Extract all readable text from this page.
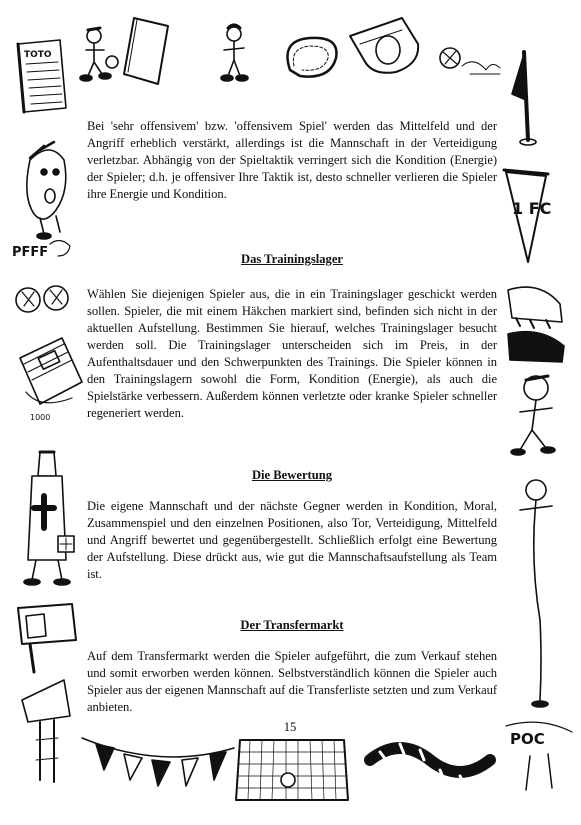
TOTO
PFFF
1000
1 FC
POC

Bei 'sehr offensivem' bzw. 'offensivem Spiel' werden das Mittelfeld und der Angriff erheblich verstärkt, allerdings ist die Mannschaft in der Verteidigung verletzbar. Abhängig von der Spieltaktik verringert sich die Kondition (Energie) der Spieler; d.h. je offensiver Ihre Taktik ist, desto schneller verlieren die Spieler ihre Energie und Kondition.

Das Trainingslager

Wählen Sie diejenigen Spieler aus, die in ein Trainingslager geschickt werden sollen. Spieler, die mit einem Häkchen markiert sind, befinden sich nicht in der aktuellen Aufstellung. Bestimmen Sie hierauf, welches Trainingslager besucht werden soll. Die Trainingslager unterscheiden sich im Preis, in der Aufenthaltsdauer und den Schwerpunkten des Trainings. Die Spieler können in den Trainingslagern sowohl die Form, Kondition (Energie), als auch die Spielstärke verbessern. Außerdem können verletzte oder kranke Spieler schneller regeneriert werden.

Die Bewertung

Die eigene Mannschaft und der nächste Gegner werden in Kondition, Moral, Zusammenspiel und den einzelnen Positionen, also Tor, Verteidigung, Mittelfeld und Angriff bewertet und gegenübergestellt. Schließlich erfolgt eine Bewertung der Aufstellung. Diese drückt aus, wie gut die Mannschaftsaufstellung als Team ist.

Der Transfermarkt

Auf dem Transfermarkt werden die Spieler aufgeführt, die zum Verkauf stehen und somit erworben werden können. Selbstverständlich können die Spieler auch Spieler aus der eigenen Mannschaft auf die Transferliste setzten und zum Verkauf anbieten.

15
